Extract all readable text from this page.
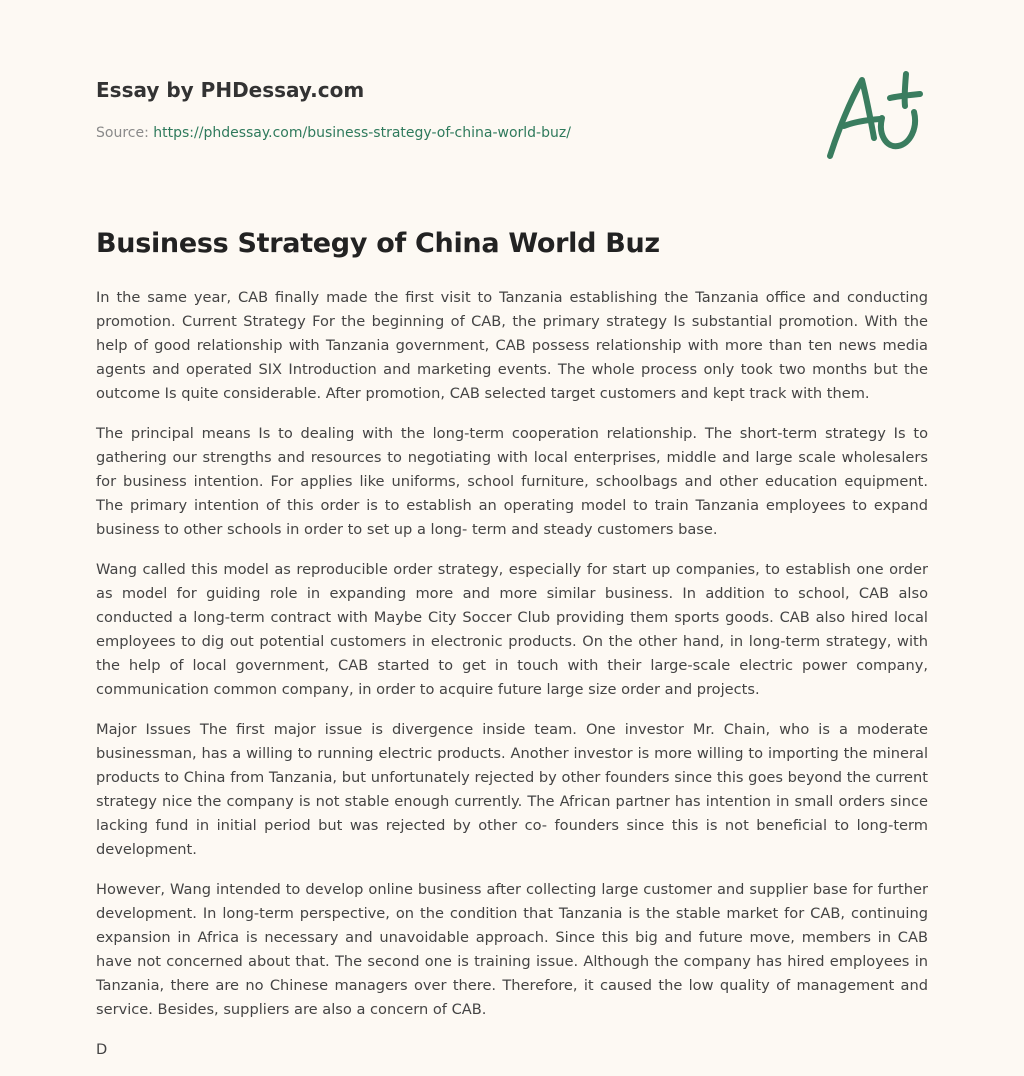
Essay by PHDessay.com
Source: https://phdessay.com/business-strategy-of-china-world-buz/
Business Strategy of China World Buz

In the same year, CAB finally made the first visit to Tanzania establishing the Tanzania office and conducting promotion. Current Strategy For the beginning of CAB, the primary strategy Is substantial promotion. With the help of good relationship with Tanzania government, CAB possess relationship with more than ten news media agents and operated SIX Introduction and marketing events. The whole process only took two months but the outcome Is quite considerable. After promotion, CAB selected target customers and kept track with them.

The principal means Is to dealing with the long-term cooperation relationship. The short-term strategy Is to gathering our strengths and resources to negotiating with local enterprises, middle and large scale wholesalers for business intention. For applies like uniforms, school furniture, schoolbags and other education equipment. The primary intention of this order is to establish an operating model to train Tanzania employees to expand business to other schools in order to set up a long- term and steady customers base.

Wang called this model as reproducible order strategy, especially for start up companies, to establish one order as model for guiding role in expanding more and more similar business. In addition to school, CAB also conducted a long-term contract with Maybe City Soccer Club providing them sports goods. CAB also hired local employees to dig out potential customers in electronic products. On the other hand, in long-term strategy, with the help of local government, CAB started to get in touch with their large-scale electric power company, communication common company, in order to acquire future large size order and projects.

Major Issues The first major issue is divergence inside team. One investor Mr. Chain, who is a moderate businessman, has a willing to running electric products. Another investor is more willing to importing the mineral products to China from Tanzania, but unfortunately rejected by other founders since this goes beyond the current strategy nice the company is not stable enough currently. The African partner has intention in small orders since lacking fund in initial period but was rejected by other co- founders since this is not beneficial to long-term development.

However, Wang intended to develop online business after collecting large customer and supplier base for further development. In long-term perspective, on the condition that Tanzania is the stable market for CAB, continuing expansion in Africa is necessary and unavoidable approach. Since this big and future move, members in CAB have not concerned about that. The second one is training issue. Although the company has hired employees in Tanzania, there are no Chinese managers over there. Therefore, it caused the low quality of management and service. Besides, suppliers are also a concern of CAB.

D
